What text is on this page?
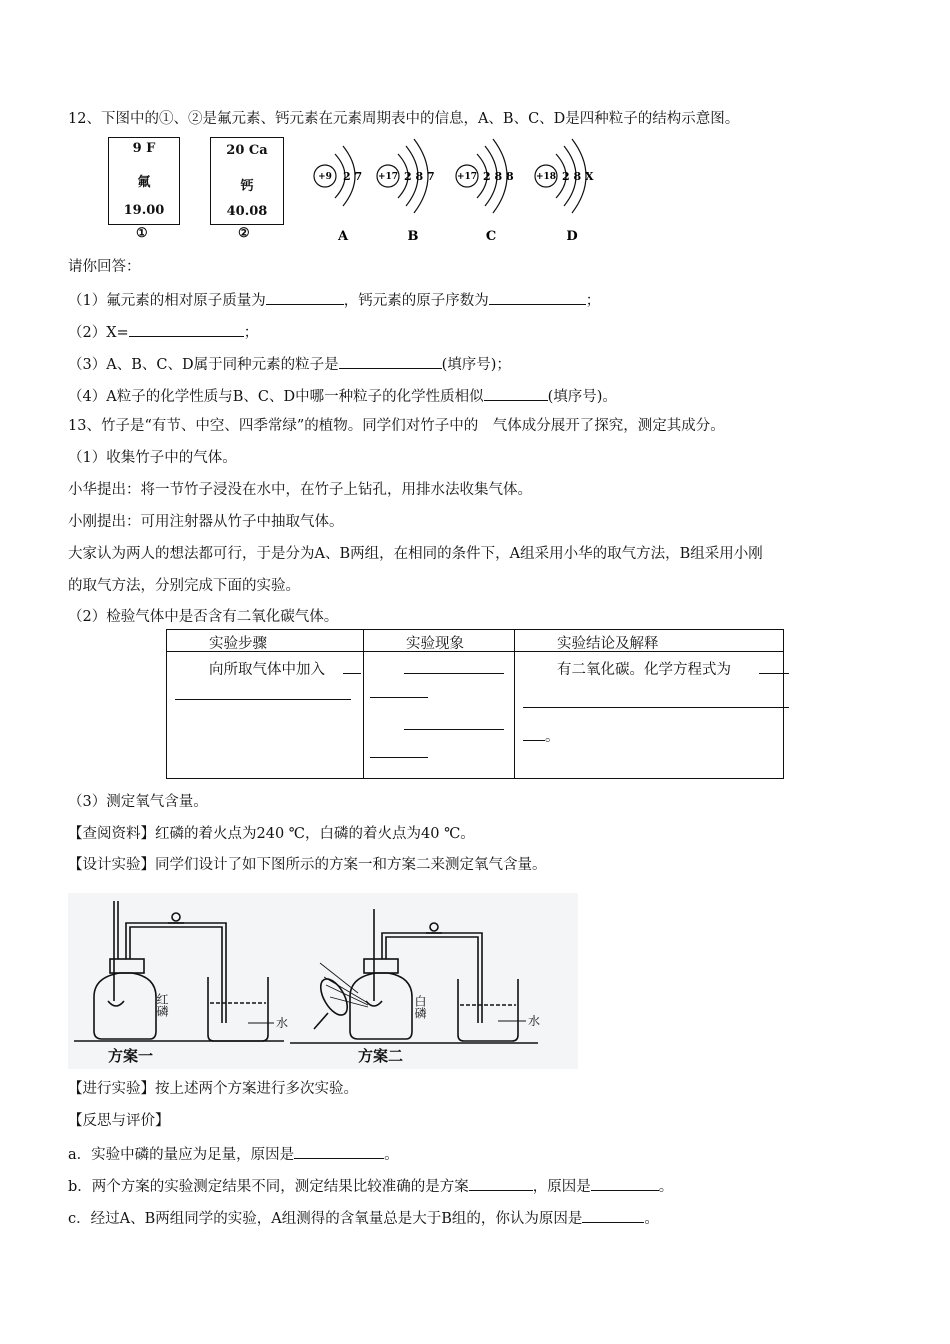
12、下图中的①、②是氟元素、钙元素在元素周期表中的信息，A、B、C、D是四种粒子的结构示意图。
9 F
氟
19.00
①
20 Ca
钙
40.08
②
+9	+17	+17	+18
2 7	2 8 7	2 8 8	2 8 X
A	B	C	D
请你回答：
（1）氟元素的相对原子质量为	，钙元素的原子序数为	；
（2）X=	；
（3）A、B、C、D属于同种元素的粒子是	(填序号)；
（4）A粒子的化学性质与B、C、D中哪一种粒子的化学性质相似	(填序号)。
13、竹子是“有节、中空、四季常绿”的植物。同学们对竹子中的　气体成分展开了探究，测定其成分。
（1）收集竹子中的气体。
小华提出：将一节竹子浸没在水中，在竹子上钻孔，用排水法收集气体。
小刚提出：可用注射器从竹子中抽取气体。
大家认为两人的想法都可行，于是分为A、B两组，在相同的条件下，A组采用小华的取气方法，B组采用小刚
的取气方法，分别完成下面的实验。
（2）检验气体中是否含有二氧化碳气体。
实验步骤	实验现象	实验结论及解释

向所取气体中加入		有二氧化碳。化学方程式为
。
（3）测定氧气含量。
【查阅资料】红磷的着火点为240 ℃，白磷的着火点为40 ℃。
【设计实验】同学们设计了如下图所示的方案一和方案二来测定氧气含量。
红磷	白磷
水	水
方案一	方案二
【进行实验】按上述两个方案进行多次实验。
【反思与评价】
a．实验中磷的量应为足量，原因是	。
b．两个方案的实验测定结果不同，测定结果比较准确的是方案	，原因是	。
c．经过A、B两组同学的实验，A组测得的含氧量总是大于B组的，你认为原因是	。
